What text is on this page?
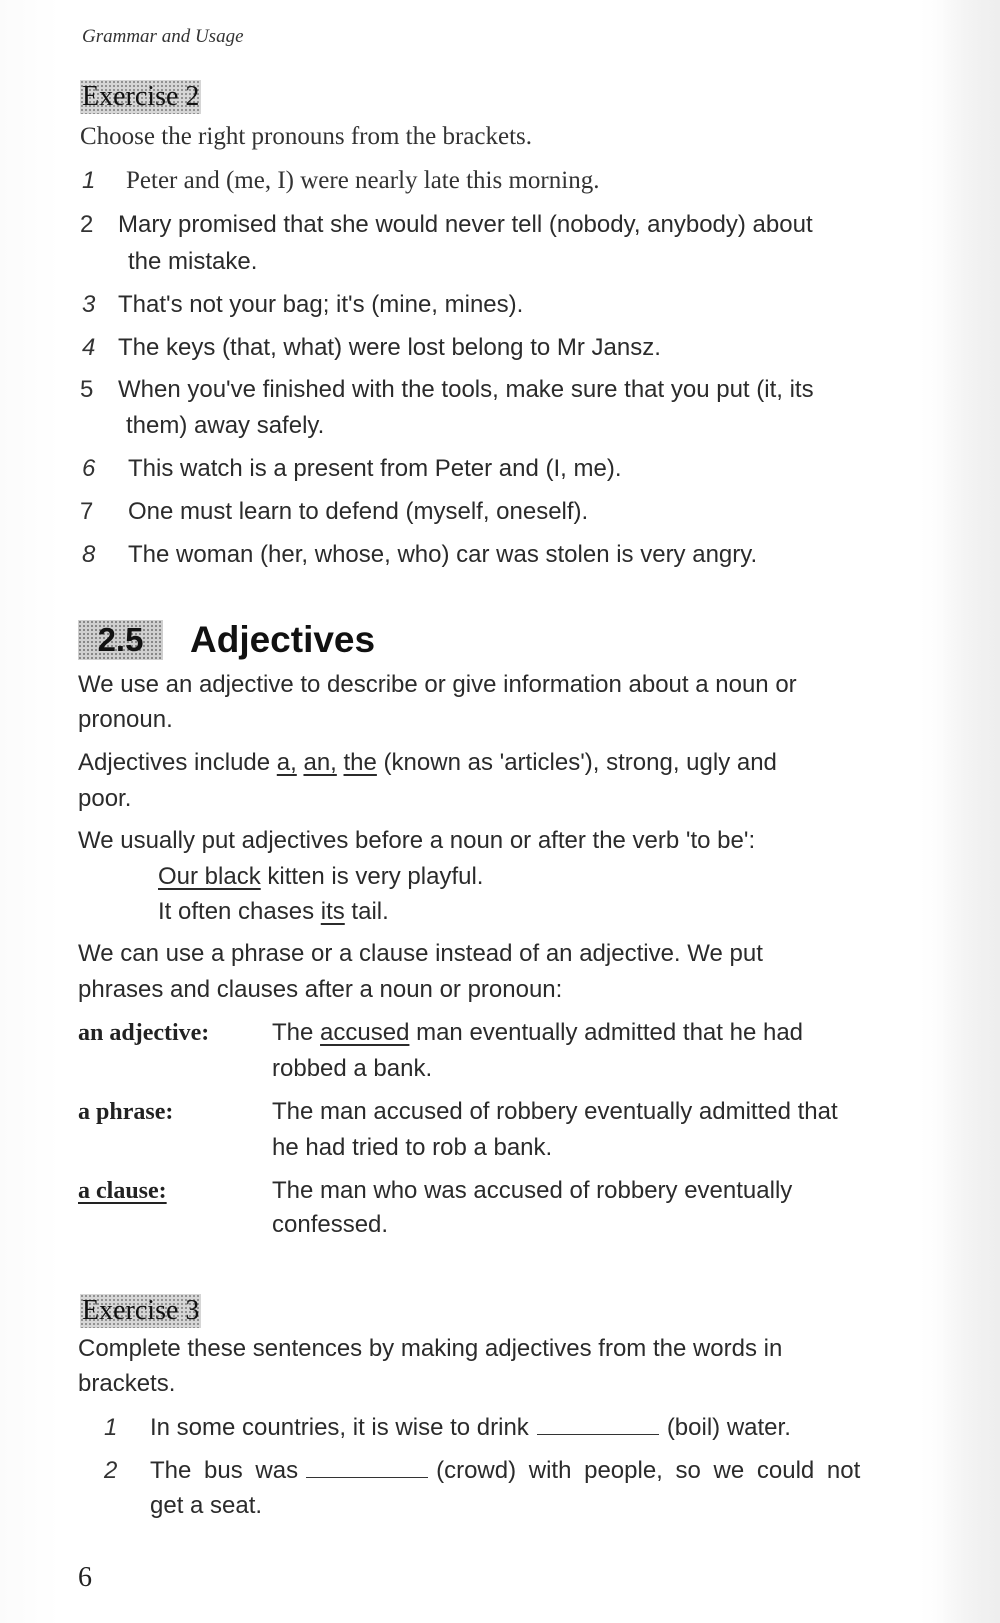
Grammar and Usage
Exercise 2
Choose the right pronouns from the brackets.
1 Peter and (me, I) were nearly late this morning.
2 Mary promised that she would never tell (nobody, anybody) about
the mistake.
3 That's not your bag; it's (mine, mines).
4 The keys (that, what) were lost belong to Mr Jansz.
5 When you've finished with the tools, make sure that you put (it, its
them) away safely.
6 This watch is a present from Peter and (I, me).
7 One must learn to defend (myself, oneself).
8 The woman (her, whose, who) car was stolen is very angry.
2.5	Adjectives
We use an adjective to describe or give information about a noun or
pronoun.
Adjectives include a, an, the (known as 'articles'), strong, ugly and
poor.
We usually put adjectives before a noun or after the verb 'to be':
Our black kitten is very playful.
It often chases its tail.
We can use a phrase or a clause instead of an adjective. We put
phrases and clauses after a noun or pronoun:
an adjective:	The accused man eventually admitted that he had
robbed a bank.
a phrase:	The man accused of robbery eventually admitted that
he had tried to rob a bank.
a clause:	The man who was accused of robbery eventually
confessed.
Exercise 3
Complete these sentences by making adjectives from the words in
brackets.
1 In some countries, it is wise to drink	(boil) water.
2 The bus was	(crowd) with people, so we could not
get a seat.
6
